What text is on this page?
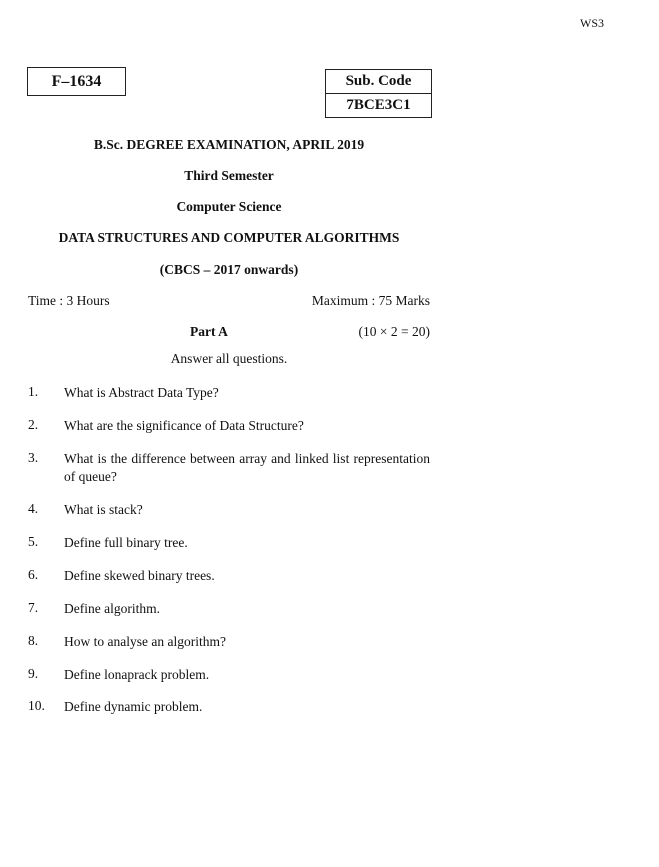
WS3
F–1634	Sub. Code
7BCE3C1
B.Sc. DEGREE EXAMINATION, APRIL 2019
Third Semester
Computer Science
DATA STRUCTURES AND COMPUTER ALGORITHMS
(CBCS – 2017 onwards)
Time : 3 Hours	Maximum : 75 Marks
Part A	(10 × 2 = 20)
Answer all questions.
1.	What is Abstract Data Type?
2.	What are the significance of Data Structure?
3.	What is the difference between array and linked list representation of queue?
4.	What is stack?
5.	Define full binary tree.
6.	Define skewed binary trees.
7.	Define algorithm.
8.	How to analyse an algorithm?
9.	Define lonaprack problem.
10.	Define dynamic problem.
